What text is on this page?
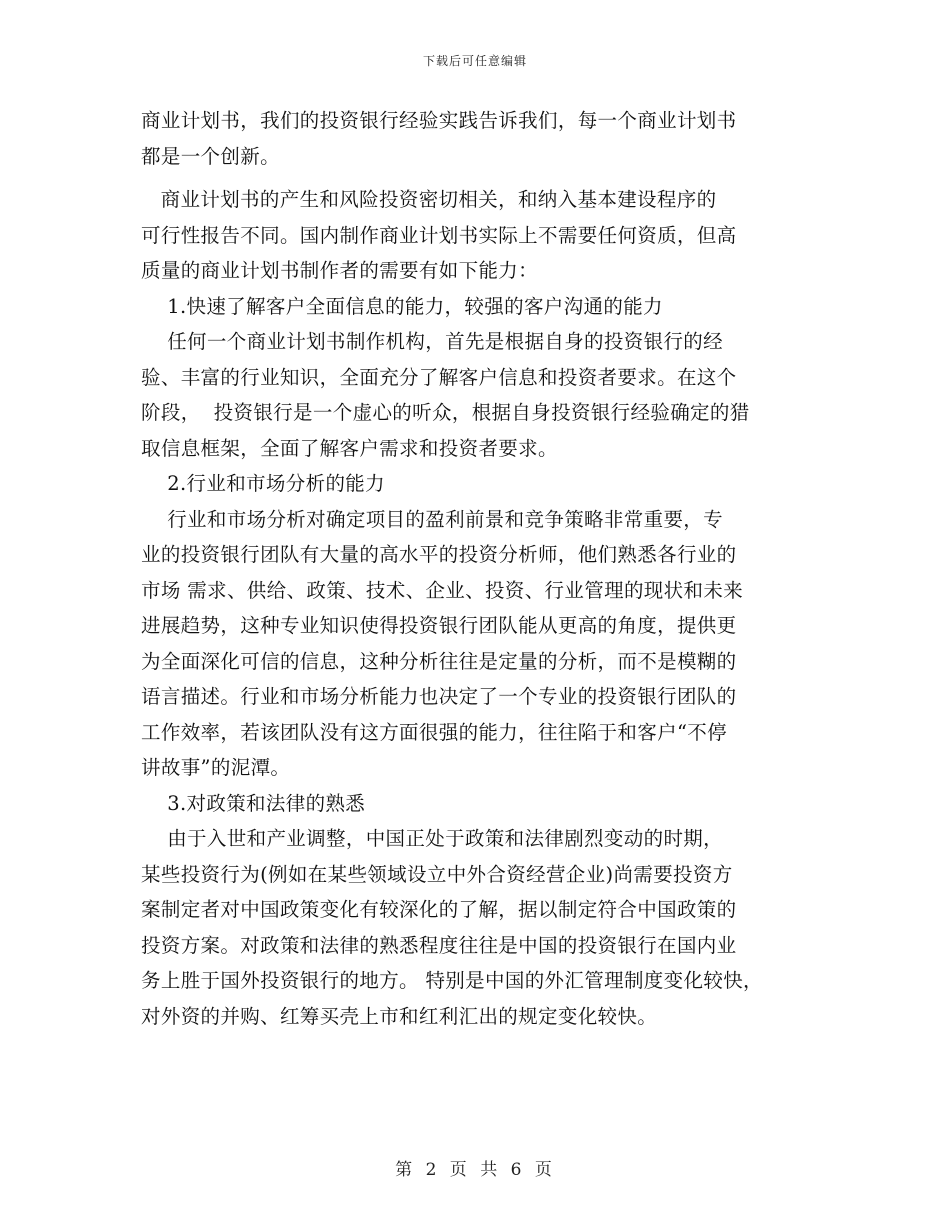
下载后可任意编辑
商业计划书，我们的投资银行经验实践告诉我们，每一个商业计划书
都是一个创新。
商业计划书的产生和风险投资密切相关，和纳入基本建设程序的
可行性报告不同。国内制作商业计划书实际上不需要任何资质，但高
质量的商业计划书制作者的需要有如下能力：
1.快速了解客户全面信息的能力，较强的客户沟通的能力
任何一个商业计划书制作机构，首先是根据自身的投资银行的经
验、丰富的行业知识，全面充分了解客户信息和投资者要求。在这个
阶段，  投资银行是一个虚心的听众，根据自身投资银行经验确定的猎
取信息框架，全面了解客户需求和投资者要求。
2.行业和市场分析的能力
行业和市场分析对确定项目的盈利前景和竞争策略非常重要，专
业的投资银行团队有大量的高水平的投资分析师，他们熟悉各行业的
市场 需求、供给、政策、技术、企业、投资、行业管理的现状和未来
进展趋势，这种专业知识使得投资银行团队能从更高的角度，提供更
为全面深化可信的信息，这种分析往往是定量的分析，而不是模糊的
语言描述。行业和市场分析能力也决定了一个专业的投资银行团队的
工作效率，若该团队没有这方面很强的能力，往往陷于和客户“不停
讲故事”的泥潭。
3.对政策和法律的熟悉
由于入世和产业调整，中国正处于政策和法律剧烈变动的时期，
某些投资行为(例如在某些领域设立中外合资经营企业)尚需要投资方
案制定者对中国政策变化有较深化的了解，据以制定符合中国政策的
投资方案。对政策和法律的熟悉程度往往是中国的投资银行在国内业
务上胜于国外投资银行的地方。 特别是中国的外汇管理制度变化较快，
对外资的并购、红筹买壳上市和红利汇出的规定变化较快。
第 2 页 共 6 页
